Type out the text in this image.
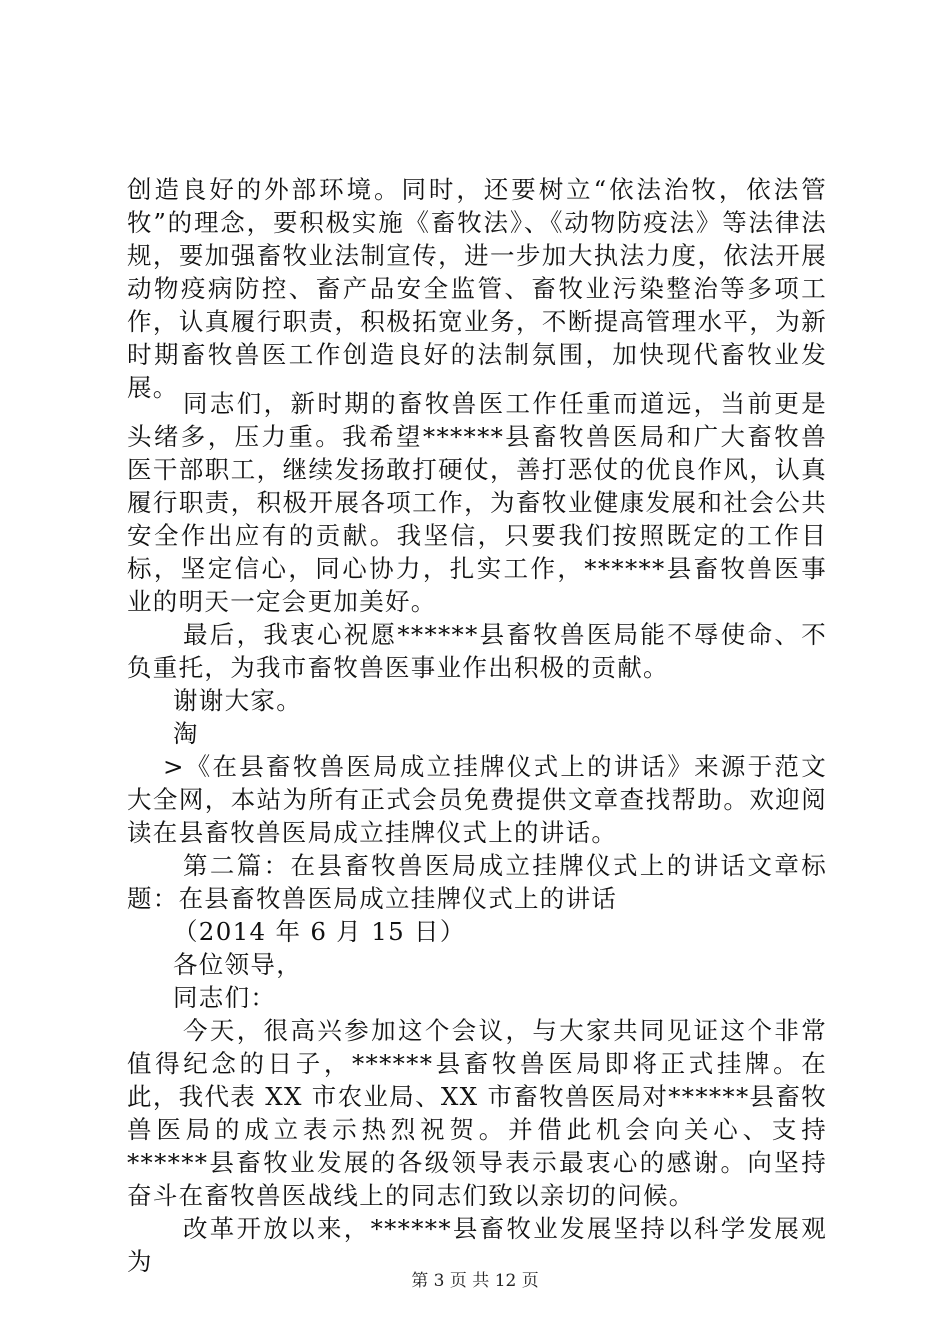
创造良好的外部环境。同时，还要树立“依法治牧，依法管牧”的理念，要积极实施《畜牧法》、《动物防疫法》等法律法规，要加强畜牧业法制宣传，进一步加大执法力度，依法开展动物疫病防控、畜产品安全监管、畜牧业污染整治等多项工作，认真履行职责，积极拓宽业务，不断提高管理水平，为新时期畜牧兽医工作创造良好的法制氛围，加快现代畜牧业发展。
同志们，新时期的畜牧兽医工作任重而道远，当前更是头绪多，压力重。我希望******县畜牧兽医局和广大畜牧兽医干部职工，继续发扬敢打硬仗，善打恶仗的优良作风，认真履行职责，积极开展各项工作，为畜牧业健康发展和社会公共安全作出应有的贡献。我坚信，只要我们按照既定的工作目标，坚定信心，同心协力，扎实工作，******县畜牧兽医事业的明天一定会更加美好。
最后，我衷心祝愿******县畜牧兽医局能不辱使命、不负重托，为我市畜牧兽医事业作出积极的贡献。
谢谢大家。
淘
>《在县畜牧兽医局成立挂牌仪式上的讲话》来源于范文大全网，本站为所有正式会员免费提供文章查找帮助。欢迎阅读在县畜牧兽医局成立挂牌仪式上的讲话。
第二篇：在县畜牧兽医局成立挂牌仪式上的讲话文章标题：在县畜牧兽医局成立挂牌仪式上的讲话
（2014 年 6 月 15 日）
各位领导，
同志们：
今天，很高兴参加这个会议，与大家共同见证这个非常值得纪念的日子，******县畜牧兽医局即将正式挂牌。在此，我代表 XX 市农业局、XX 市畜牧兽医局对******县畜牧兽医局的成立表示热烈祝贺。并借此机会向关心、支持******县畜牧业发展的各级领导表示最衷心的感谢。向坚持奋斗在畜牧兽医战线上的同志们致以亲切的问候。
改革开放以来，******县畜牧业发展坚持以科学发展观为
第 3 页 共 12 页
